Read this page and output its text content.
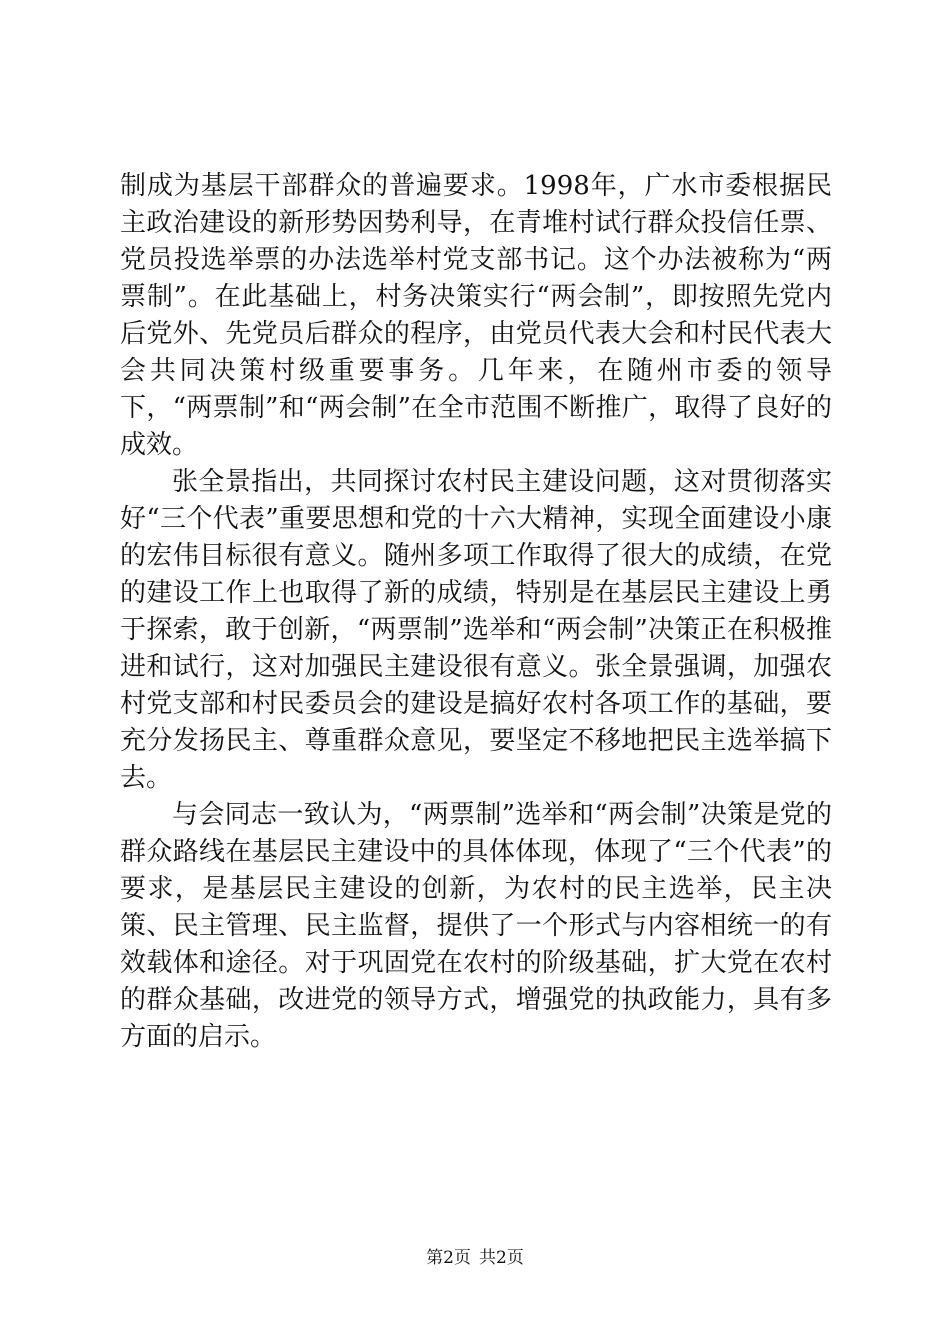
制成为基层干部群众的普遍要求。1998年，广水市委根据民主政治建设的新形势因势利导，在青堆村试行群众投信任票、党员投选举票的办法选举村党支部书记。这个办法被称为“两票制”。在此基础上，村务决策实行“两会制”，即按照先党内后党外、先党员后群众的程序，由党员代表大会和村民代表大会共同决策村级重要事务。几年来，在随州市委的领导下，“两票制”和“两会制”在全市范围不断推广，取得了良好的成效。

张全景指出，共同探讨农村民主建设问题，这对贯彻落实好“三个代表”重要思想和党的十六大精神，实现全面建设小康的宏伟目标很有意义。随州多项工作取得了很大的成绩，在党的建设工作上也取得了新的成绩，特别是在基层民主建设上勇于探索，敢于创新，“两票制”选举和“两会制”决策正在积极推进和试行，这对加强民主建设很有意义。张全景强调，加强农村党支部和村民委员会的建设是搞好农村各项工作的基础，要充分发扬民主、尊重群众意见，要坚定不移地把民主选举搞下去。

与会同志一致认为，“两票制”选举和“两会制”决策是党的群众路线在基层民主建设中的具体体现，体现了“三个代表”的要求，是基层民主建设的创新，为农村的民主选举，民主决策、民主管理、民主监督，提供了一个形式与内容相统一的有效载体和途径。对于巩固党在农村的阶级基础，扩大党在农村的群众基础，改进党的领导方式，增强党的执政能力，具有多方面的启示。

第2页 共2页
